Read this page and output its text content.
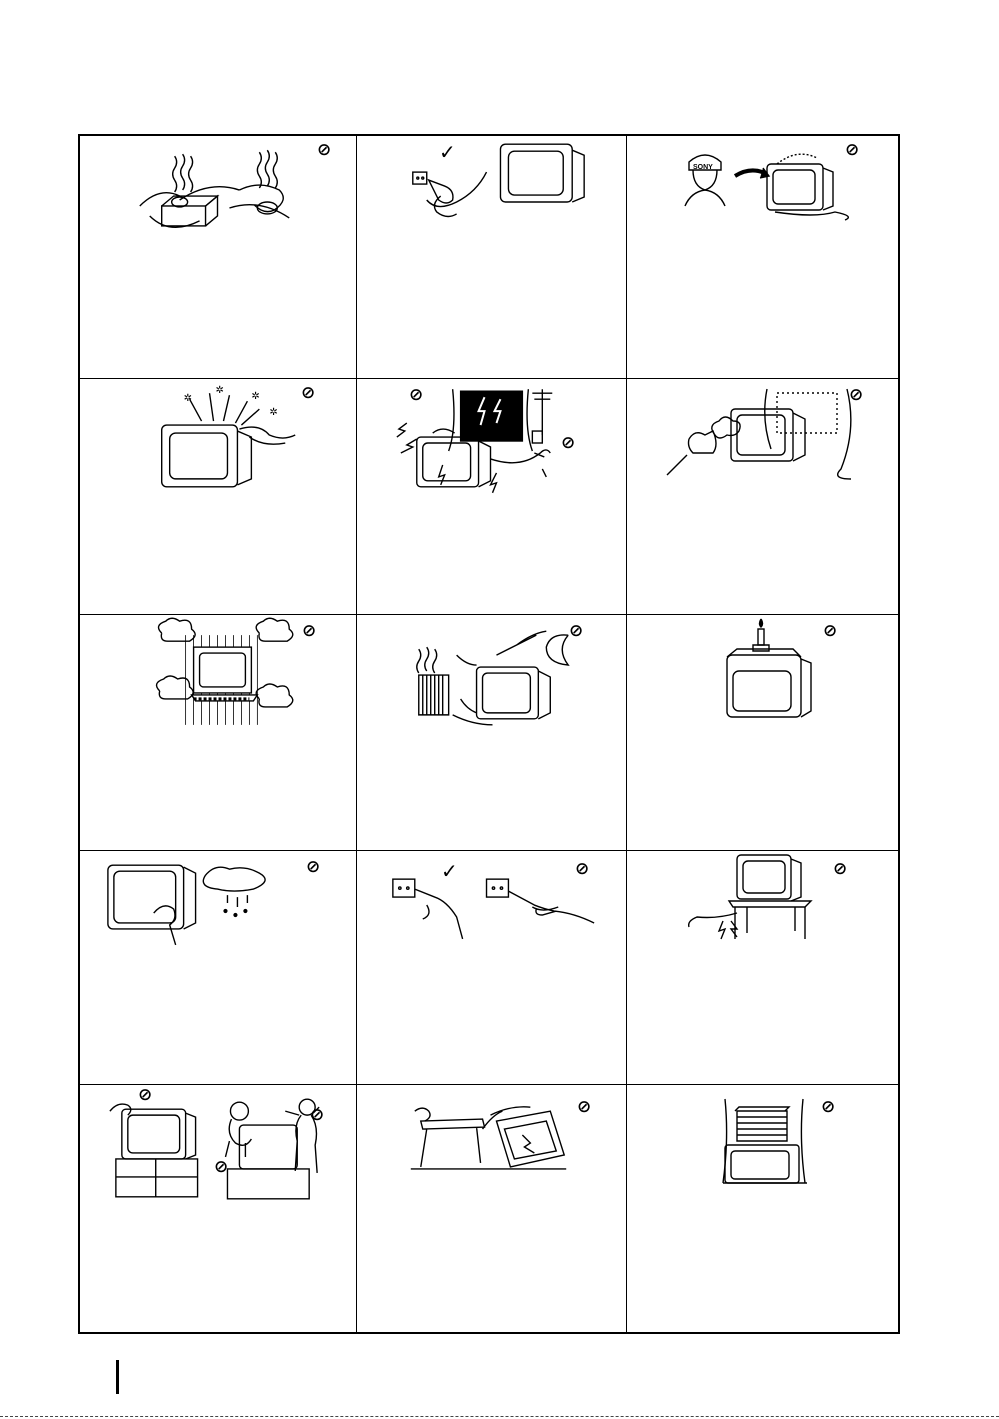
⊘	✓
SONY
⊘
✲
✲
✲
✲
⊘	⊘
⊘
⊘
⊘	⊘	⊘
⊘	✓	⊘	⊘
⊘
⊘
⊘
⊘	⊘
